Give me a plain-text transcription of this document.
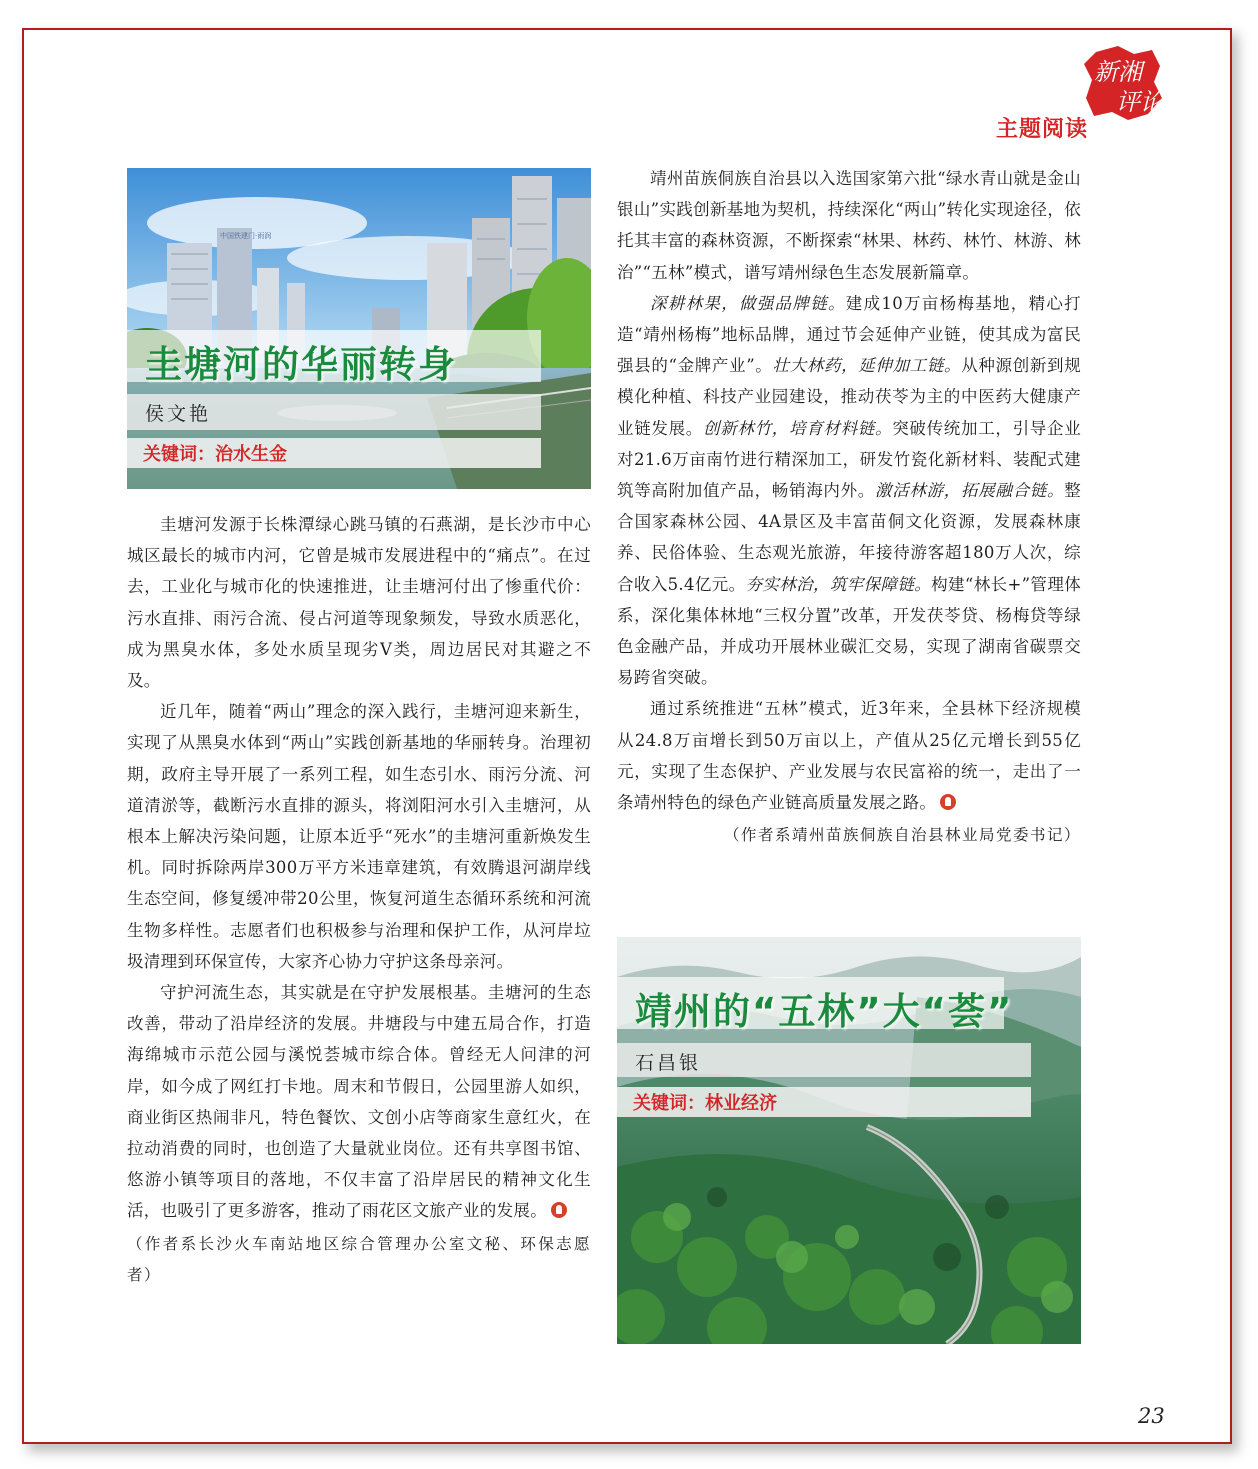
新湘
评论
主题阅读
中国铁建门·雨润
圭塘河的华丽转身
侯文艳
关键词：治水生金

圭塘河发源于长株潭绿心跳马镇的石燕湖，是长沙市中心城区最长的城市内河，它曾是城市发展进程中的“痛点”。在过去，工业化与城市化的快速推进，让圭塘河付出了惨重代价：污水直排、雨污合流、侵占河道等现象频发，导致水质恶化，成为黑臭水体，多处水质呈现劣V类，周边居民对其避之不及。

近几年，随着“两山”理念的深入践行，圭塘河迎来新生，实现了从黑臭水体到“两山”实践创新基地的华丽转身。治理初期，政府主导开展了一系列工程，如生态引水、雨污分流、河道清淤等，截断污水直排的源头，将浏阳河水引入圭塘河，从根本上解决污染问题，让原本近乎“死水”的圭塘河重新焕发生机。同时拆除两岸300万平方米违章建筑，有效腾退河湖岸线生态空间，修复缓冲带20公里，恢复河道生态循环系统和河流生物多样性。志愿者们也积极参与治理和保护工作，从河岸垃圾清理到环保宣传，大家齐心协力守护这条母亲河。

守护河流生态，其实就是在守护发展根基。圭塘河的生态改善，带动了沿岸经济的发展。井塘段与中建五局合作，打造海绵城市示范公园与溪悦荟城市综合体。曾经无人问津的河岸，如今成了网红打卡地。周末和节假日，公园里游人如织，商业街区热闹非凡，特色餐饮、文创小店等商家生意红火，在拉动消费的同时，也创造了大量就业岗位。还有共享图书馆、悠游小镇等项目的落地，不仅丰富了沿岸居民的精神文化生活，也吸引了更多游客，推动了雨花区文旅产业的发展。

（作者系长沙火车南站地区综合管理办公室文秘、环保志愿者）

靖州苗族侗族自治县以入选国家第六批“绿水青山就是金山银山”实践创新基地为契机，持续深化“两山”转化实现途径，依托其丰富的森林资源，不断探索“林果、林药、林竹、林游、林治”“五林”模式，谱写靖州绿色生态发展新篇章。

深耕林果，做强品牌链。建成10万亩杨梅基地，精心打造“靖州杨梅”地标品牌，通过节会延伸产业链，使其成为富民强县的“金牌产业”。壮大林药，延伸加工链。从种源创新到规模化种植、科技产业园建设，推动茯苓为主的中医药大健康产业链发展。创新林竹，培育材料链。突破传统加工，引导企业对21.6万亩南竹进行精深加工，研发竹瓷化新材料、装配式建筑等高附加值产品，畅销海内外。激活林游，拓展融合链。整合国家森林公园、4A景区及丰富苗侗文化资源，发展森林康养、民俗体验、生态观光旅游，年接待游客超180万人次，综合收入5.4亿元。夯实林治，筑牢保障链。构建“林长+”管理体系，深化集体林地“三权分置”改革，开发茯苓贷、杨梅贷等绿色金融产品，并成功开展林业碳汇交易，实现了湖南省碳票交易跨省突破。

通过系统推进“五林”模式，近3年来，全县林下经济规模从24.8万亩增长到50万亩以上，产值从25亿元增长到55亿元，实现了生态保护、产业发展与农民富裕的统一，走出了一条靖州特色的绿色产业链高质量发展之路。

（作者系靖州苗族侗族自治县林业局党委书记）

靖州的“五林”大“荟”
石昌银
关键词：林业经济
23
